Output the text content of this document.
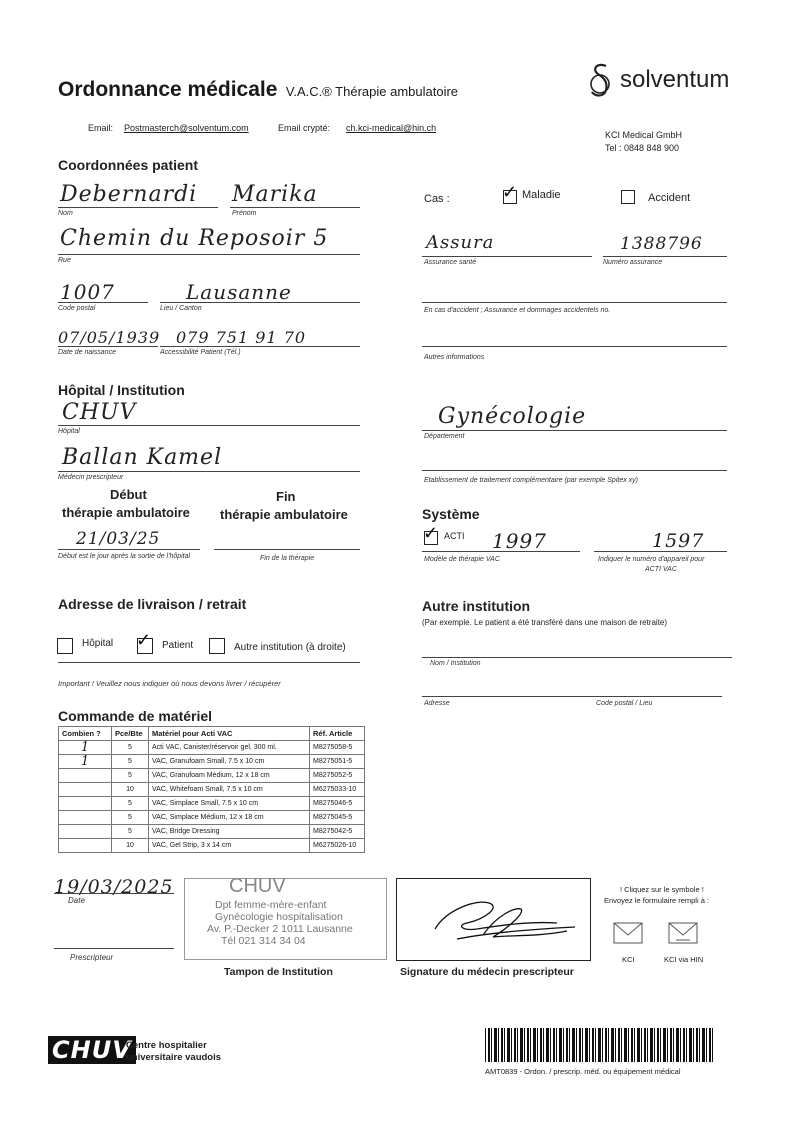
Ordonnance médicale V.A.C.® Thérapie ambulatoire	solventum
Email: Postmasterch@solventum.com	Email crypté: ch.kci-medical@hin.ch
KCI Medical GmbH
Tel : 0848 848 900
Coordonnées patient
Debernardi
Nom
Marika
Prénom
Chemin du Reposoir 5
Rue
1007
Code postal
Lausanne
Lieu / Canton
07/05/1939
Date de naissance
079 751 91 70
Accessibilité Patient (Tél.)
Cas : ✓	Maladie	Accident
Assura
Assurance santé
1388796
Numéro assurance
En cas d'accident ; Assurance et dommages accidentels no.
Autres informations
Hôpital / Institution
CHUV
Hôpital
Ballan Kamel
Médecin prescripteur
Gynécologie
Département
Etablissement de traitement complémentaire (par exemple Spitex xy)
Début
thérapie ambulatoire
Fin
thérapie ambulatoire
21/03/25
Début est le jour après la sortie de l'hôpital	Fin de la thérapie
Système
✓
ACTI 1997
Modèle de thérapie VAC
1597
Indiquer le numéro d'appareil pour
ACTI VAC
Adresse de livraison / retrait
Hôpital ✓	Patient	Autre institution (à droite)
Important ! Veuillez nous indiquer où nous devons livrer / récupérer
Autre institution
(Par exemple. Le patient a été transféré dans une maison de retraite)
Nom / Institution
Adresse	Code postal / Lieu
Commande de matériel
Combien ?	Pce/Bte	Matériel pour Acti VAC	Réf. Article
1	5	Acti VAC, Canister/réservoir gel, 300 ml.	M8275058-5
1	5	VAC, Granufoam Small, 7.5 x 10 cm	M8275051-5
	5	VAC, Granufoam Médium, 12 x 18 cm	M8275052-5
	10	VAC, Whitefoam Small, 7.5 x 10 cm	M6275033-10
	5	VAC, Simplace Small, 7.5 x 10 cm	M8275046-5
	5	VAC, Simplace Médium, 12 x 18 cm	M8275045-5
	5	VAC, Bridge Dressing	M8275042-5
	10	VAC, Gel Strip, 3 x 14 cm	M6275026-10
19/03/2025
Date
Prescripteur
CHUV
Dpt femme-mère-enfant
Gynécologie hospitalisation
Av. P.-Decker 2 1011 Lausanne
Tél 021 314 34 04
Tampon de Institution	Signature du médecin prescripteur
! Cliquez sur le symbole !
Envoyez le formulaire rempli à :
KCI	KCI via HIN
CHUV
Centre hospitalier
universitaire vaudois
AMT0839 - Ordon. / prescrip. méd. ou équipement médical
